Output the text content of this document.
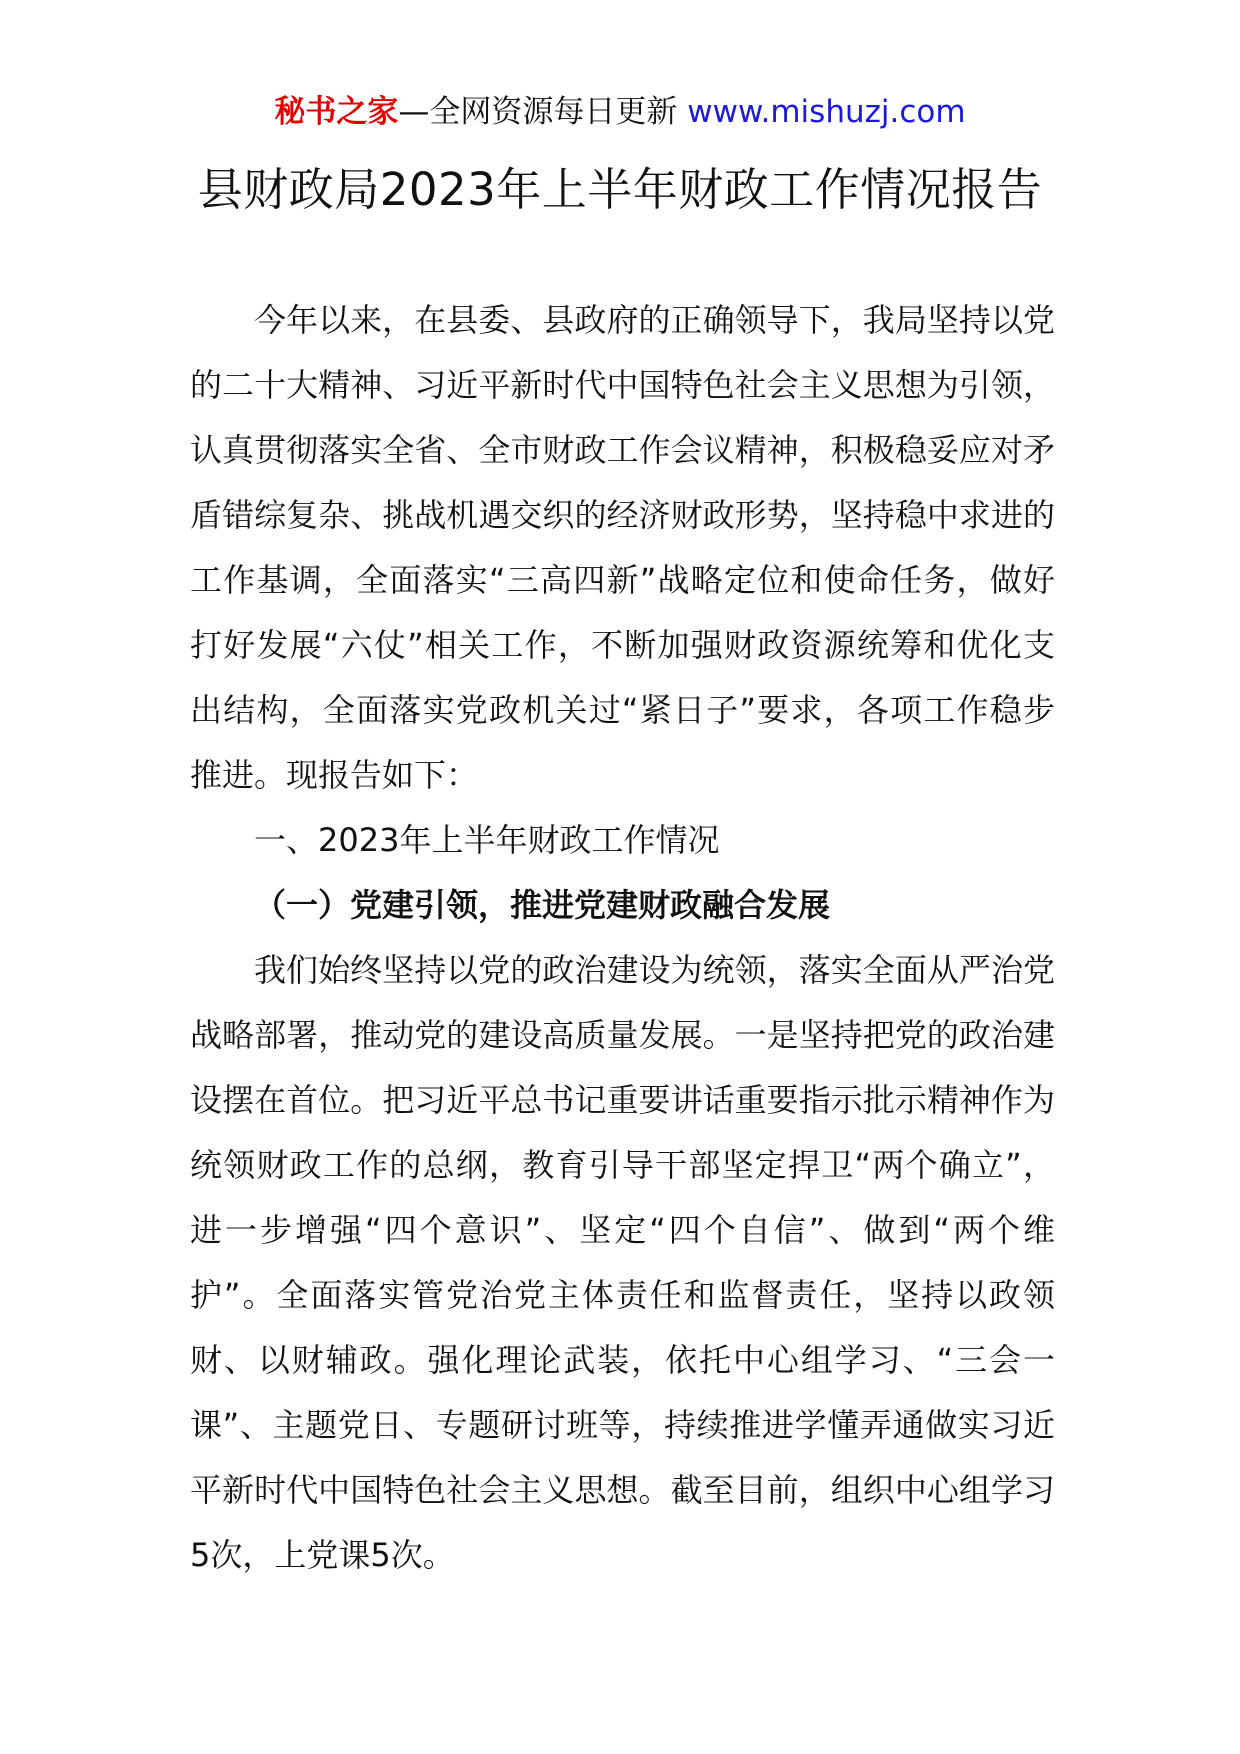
秘书之家—全网资源每日更新 www.mishuzj.com
县财政局2023年上半年财政工作情况报告

今年以来，在县委、县政府的正确领导下，我局坚持以党的二十大精神、习近平新时代中国特色社会主义思想为引领，认真贯彻落实全省、全市财政工作会议精神，积极稳妥应对矛盾错综复杂、挑战机遇交织的经济财政形势，坚持稳中求进的工作基调，全面落实“三高四新”战略定位和使命任务，做好打好发展“六仗”相关工作，不断加强财政资源统筹和优化支出结构，全面落实党政机关过“紧日子”要求，各项工作稳步推进。现报告如下：

一、2023年上半年财政工作情况

（一）党建引领，推进党建财政融合发展

我们始终坚持以党的政治建设为统领，落实全面从严治党战略部署，推动党的建设高质量发展。一是坚持把党的政治建设摆在首位。把习近平总书记重要讲话重要指示批示精神作为统领财政工作的总纲，教育引导干部坚定捍卫“两个确立”，进一步增强“四个意识”、坚定“四个自信”、做到“两个维护”。全面落实管党治党主体责任和监督责任，坚持以政领财、以财辅政。强化理论武装，依托中心组学习、“三会一课”、主题党日、专题研讨班等，持续推进学懂弄通做实习近平新时代中国特色社会主义思想。截至目前，组织中心组学习5次，上党课5次。
